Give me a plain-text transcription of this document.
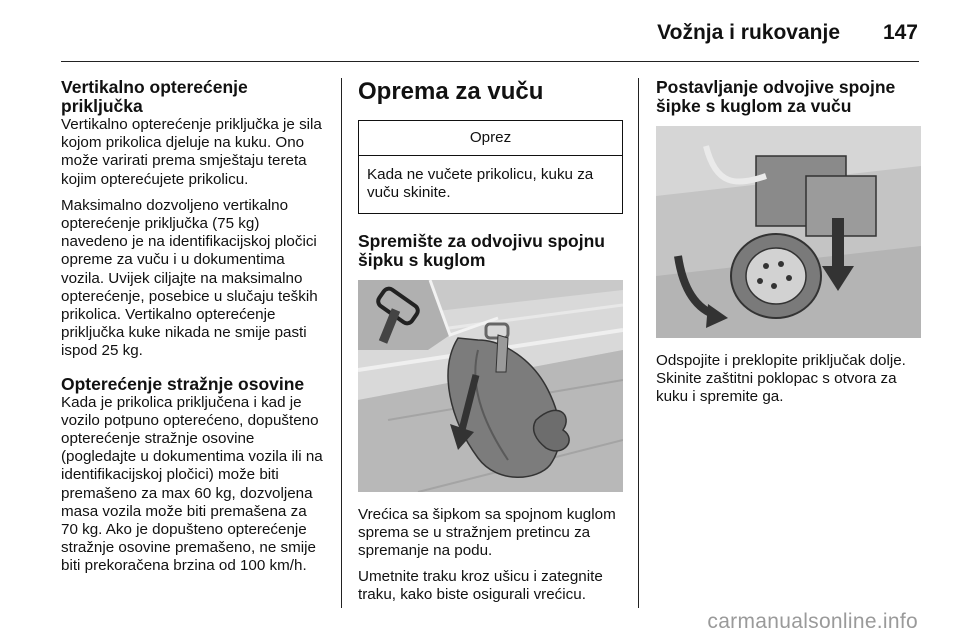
Vožnja i rukovanje 147
Vertikalno opterećenje priključka

Vertikalno opterećenje priključka je sila kojom prikolica djeluje na kuku. Ono može varirati prema smještaju tereta kojim opterećujete prikolicu.

Maksimalno dozvoljeno vertikalno opterećenje priključka (75 kg) navedeno je na identifikacijskoj pločici opreme za vuču i u dokumentima vozila. Uvijek ciljajte na maksimalno opterećenje, posebice u slučaju teških prikolica. Vertikalno opterećenje priključka kuke nikada ne smije pasti ispod 25 kg.

Opterećenje stražnje osovine

Kada je prikolica priključena i kad je vozilo potpuno opterećeno, dopušteno opterećenje stražnje osovine (pogledajte u dokumentima vozila ili na identifikacijskoj pločici) može biti premašeno za max 60 kg, dozvoljena masa vozila može biti premašena za 70 kg. Ako je dopušteno opterećenje stražnje osovine premašeno, ne smije biti prekoračena brzina od 100 km/h.

Oprema za vuču
Oprez
Kada ne vučete prikolicu, kuku za vuču skinite.
Spremište za odvojivu spojnu šipku s kuglom

Vrećica sa šipkom sa spojnom kuglom sprema se u stražnjem pretincu za spremanje na podu.

Umetnite traku kroz ušicu i zategnite traku, kako biste osigurali vrećicu.

Postavljanje odvojive spojne šipke s kuglom za vuču

Odspojite i preklopite priključak dolje. Skinite zaštitni poklopac s otvora za kuku i spremite ga.

carmanualsonline.info
